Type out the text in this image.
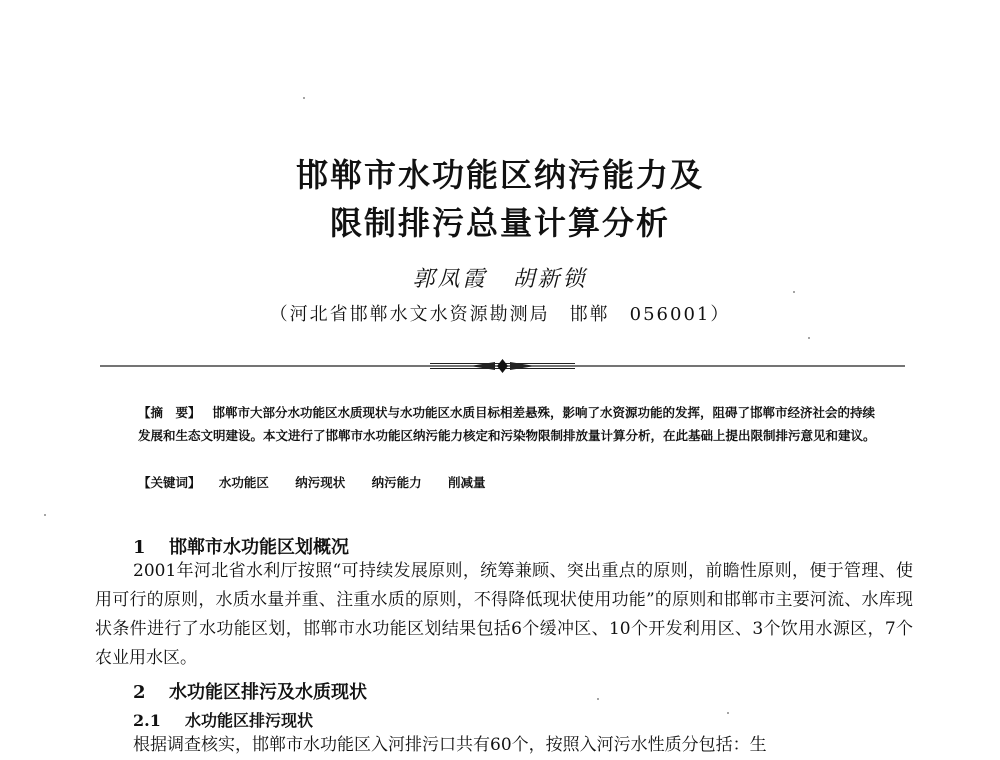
邯郸市水功能区纳污能力及
限制排污总量计算分析
郭凤霞　胡新锁
（河北省邯郸水文水资源勘测局　邯郸　056001）
【摘　要】 邯郸市大部分水功能区水质现状与水功能区水质目标相差悬殊，影响了水资源功能的发挥，阻碍了邯郸市经济社会的持续发展和生态文明建设。本文进行了邯郸市水功能区纳污能力核定和污染物限制排放量计算分析，在此基础上提出限制排污意见和建议。
【关键词】 水功能区 纳污现状 纳污能力 削减量
1 邯郸市水功能区划概况
2001年河北省水利厅按照“可持续发展原则，统筹兼顾、突出重点的原则，前瞻性原则，便于管理、使用可行的原则，水质水量并重、注重水质的原则，不得降低现状使用功能”的原则和邯郸市主要河流、水库现状条件进行了水功能区划，邯郸市水功能区划结果包括6个缓冲区、10个开发利用区、3个饮用水源区，7个农业用水区。
2 水功能区排污及水质现状
2.1 水功能区排污现状
根据调查核实，邯郸市水功能区入河排污口共有60个，按照入河污水性质分包括：生
